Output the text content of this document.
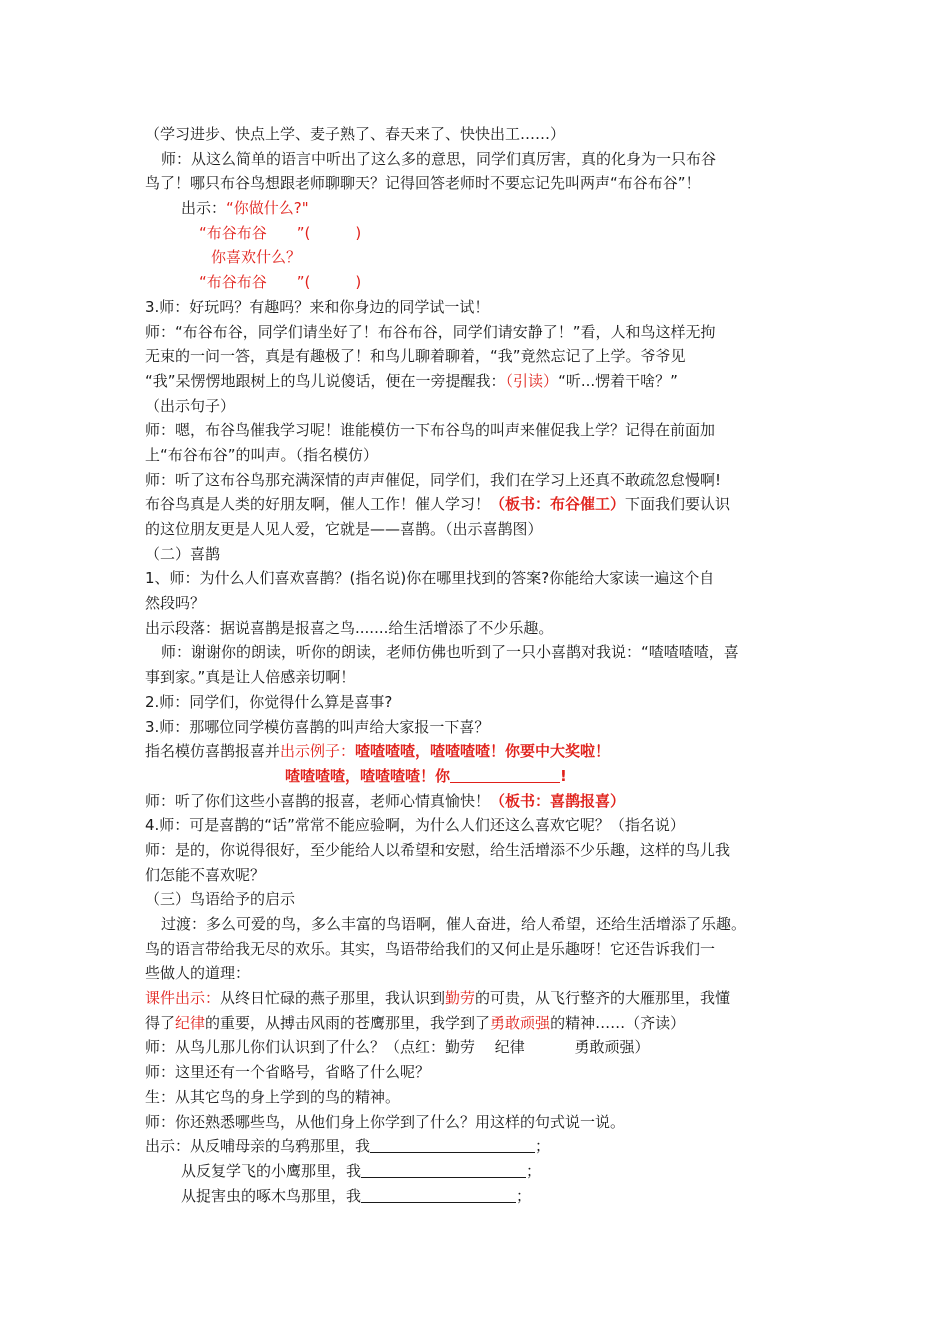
（学习进步、快点上学、麦子熟了、春天来了、快快出工……）
师：从这么简单的语言中听出了这么多的意思，同学们真厉害，真的化身为一只布谷
鸟了！哪只布谷鸟想跟老师聊聊天？记得回答老师时不要忘记先叫两声“布谷布谷”！
出示：“你做什么?"
“布谷布谷　　”(　　　)
你喜欢什么？
“布谷布谷　　”(　　　)
3.师：好玩吗？有趣吗？来和你身边的同学试一试！
师：“布谷布谷，同学们请坐好了！布谷布谷，同学们请安静了！”看，人和鸟这样无拘
无束的一问一答，真是有趣极了！和鸟儿聊着聊着，“我”竟然忘记了上学。爷爷见
“我”呆愣愣地跟树上的鸟儿说傻话，便在一旁提醒我：（引读）“听...愣着干啥？”
（出示句子）
师：嗯，布谷鸟催我学习呢！谁能模仿一下布谷鸟的叫声来催促我上学？记得在前面加
上“布谷布谷”的叫声。（指名模仿）
师：听了这布谷鸟那充满深情的声声催促，同学们，我们在学习上还真不敢疏忽怠慢啊!
布谷鸟真是人类的好朋友啊，催人工作！催人学习！（板书：布谷催工）下面我们要认识
的这位朋友更是人见人爱，它就是——喜鹊。（出示喜鹊图）
（二）喜鹊
1、师：为什么人们喜欢喜鹊？(指名说)你在哪里找到的答案?你能给大家读一遍这个自
然段吗？
出示段落：据说喜鹊是报喜之鸟.......给生活增添了不少乐趣。
师：谢谢你的朗读，听你的朗读，老师仿佛也听到了一只小喜鹊对我说：“喳喳喳喳，喜
事到家。”真是让人倍感亲切啊！
2.师：同学们，你觉得什么算是喜事?
3.师：那哪位同学模仿喜鹊的叫声给大家报一下喜？
指名模仿喜鹊报喜并出示例子：喳喳喳喳，喳喳喳喳！你要中大奖啦！
喳喳喳喳，喳喳喳喳！你	!
师：听了你们这些小喜鹊的报喜，老师心情真愉快！（板书：喜鹊报喜）
4.师：可是喜鹊的“话”常常不能应验啊，为什么人们还这么喜欢它呢？（指名说）
师：是的，你说得很好，至少能给人以希望和安慰，给生活增添不少乐趣，这样的鸟儿我
们怎能不喜欢呢？
（三）鸟语给予的启示
过渡：多么可爱的鸟，多么丰富的鸟语啊，催人奋进，给人希望，还给生活增添了乐趣。
鸟的语言带给我无尽的欢乐。其实，鸟语带给我们的又何止是乐趣呀！它还告诉我们一
些做人的道理：
课件出示：从终日忙碌的燕子那里，我认识到勤劳的可贵，从飞行整齐的大雁那里，我懂
得了纪律的重要，从搏击风雨的苍鹰那里，我学到了勇敢顽强的精神……（齐读）
师：从鸟儿那儿你们认识到了什么？（点红：勤劳　 纪律　　　 勇敢顽强）
师：这里还有一个省略号，省略了什么呢？
生：从其它鸟的身上学到的鸟的精神。
师：你还熟悉哪些鸟，从他们身上你学到了什么？用这样的句式说一说。
出示：从反哺母亲的乌鸦那里，我	；
从反复学飞的小鹰那里，我	；
从捉害虫的啄木鸟那里，我	；
